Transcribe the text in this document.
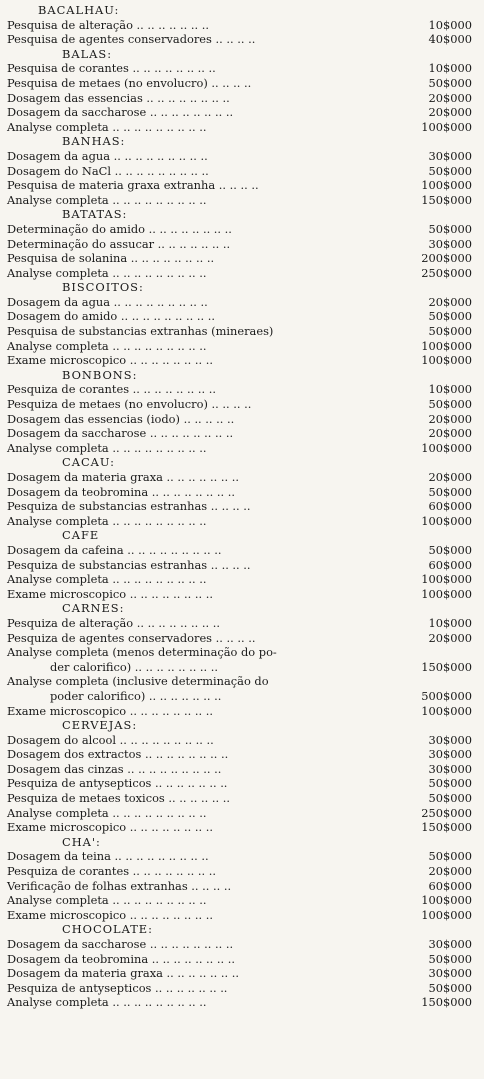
BACALHAU:
Pesquisa de alteração .. .. .. .. .. .. ..	10$000
Pesquisa de agentes conservadores .. .. .. ..	40$000
BALAS:
Pesquisa de corantes .. .. .. .. .. .. .. ..	10$000
Pesquisa de metaes (no envolucro) .. .. .. ..	50$000
Dosagem das essencias .. .. .. .. .. .. .. ..	20$000
Dosagem da saccharose .. .. .. .. .. .. .. ..	20$000
Analyse completa .. .. .. .. .. .. .. .. ..	100$000
BANHAS:
Dosagem da agua .. .. .. .. .. .. .. .. ..	30$000
Dosagem do NaCl .. .. .. .. .. .. .. .. ..	50$000
Pesquisa de materia graxa extranha .. .. .. ..	100$000
Analyse completa .. .. .. .. .. .. .. .. ..	150$000
BATATAS:
Determinação do amido .. .. .. .. .. .. .. ..	50$000
Determinação do assucar .. .. .. .. .. .. ..	30$000
Pesquisa de solanina .. .. .. .. .. .. .. ..	200$000
Analyse completa .. .. .. .. .. .. .. .. ..	250$000
BISCOITOS:
Dosagem da agua .. .. .. .. .. .. .. .. ..	20$000
Dosagem do amido .. .. .. .. .. .. .. .. ..	50$000
Pesquisa de substancias extranhas (mineraes)	50$000
Analyse completa .. .. .. .. .. .. .. .. ..	100$000
Exame microscopico .. .. .. .. .. .. .. ..	100$000
BONBONS:
Pesquiza de corantes .. .. .. .. .. .. .. ..	10$000
Pesquiza de metaes (no envolucro) .. .. .. ..	50$000
Dosagem das essencias (iodo) .. .. .. .. ..	20$000
Dosagem da saccharose .. .. .. .. .. .. .. ..	20$000
Analyse completa .. .. .. .. .. .. .. .. ..	100$000
CACAU:
Dosagem da materia graxa .. .. .. .. .. .. ..	20$000
Dosagem da teobromina .. .. .. .. .. .. .. ..	50$000
Pesquiza de substancias estranhas .. .. .. ..	60$000
Analyse completa .. .. .. .. .. .. .. .. ..	100$000
CAFE
Dosagem da cafeina .. .. .. .. .. .. .. .. ..	50$000
Pesquiza de substancias estranhas .. .. .. ..	60$000
Analyse completa .. .. .. .. .. .. .. .. ..	100$000
Exame microscopico .. .. .. .. .. .. .. ..	100$000
CARNES:
Pesquiza de alteração .. .. .. .. .. .. .. ..	10$000
Pesquiza de agentes conservadores .. .. .. ..	20$000
Analyse completa (menos determinação do po-
der calorifico) .. .. .. .. .. .. .. ..	150$000
Analyse completa (inclusive determinação do
poder calorifico) .. .. .. .. .. .. ..	500$000
Exame microscopico .. .. .. .. .. .. .. ..	100$000
CERVEJAS:
Dosagem do alcool .. .. .. .. .. .. .. .. ..	30$000
Dosagem dos extractos .. .. .. .. .. .. .. ..	30$000
Dosagem das cinzas .. .. .. .. .. .. .. .. ..	30$000
Pesquiza de antysepticos .. .. .. .. .. .. ..	50$000
Pesquiza de metaes toxicos .. .. .. .. .. ..	50$000
Analyse completa .. .. .. .. .. .. .. .. ..	250$000
Exame microscopico .. .. .. .. .. .. .. ..	150$000
CHA':
Dosagem da teina .. .. .. .. .. .. .. .. ..	50$000
Pesquiza de corantes .. .. .. .. .. .. .. ..	20$000
Verificação de folhas extranhas .. .. .. ..	60$000
Analyse completa .. .. .. .. .. .. .. .. ..	100$000
Exame microscopico .. .. .. .. .. .. .. ..	100$000
CHOCOLATE:
Dosagem da saccharose .. .. .. .. .. .. .. ..	30$000
Dosagem da teobromina .. .. .. .. .. .. .. ..	50$000
Dosagem da materia graxa .. .. .. .. .. .. ..	30$000
Pesquiza de antysepticos .. .. .. .. .. .. ..	50$000
Analyse completa .. .. .. .. .. .. .. .. ..	150$000
